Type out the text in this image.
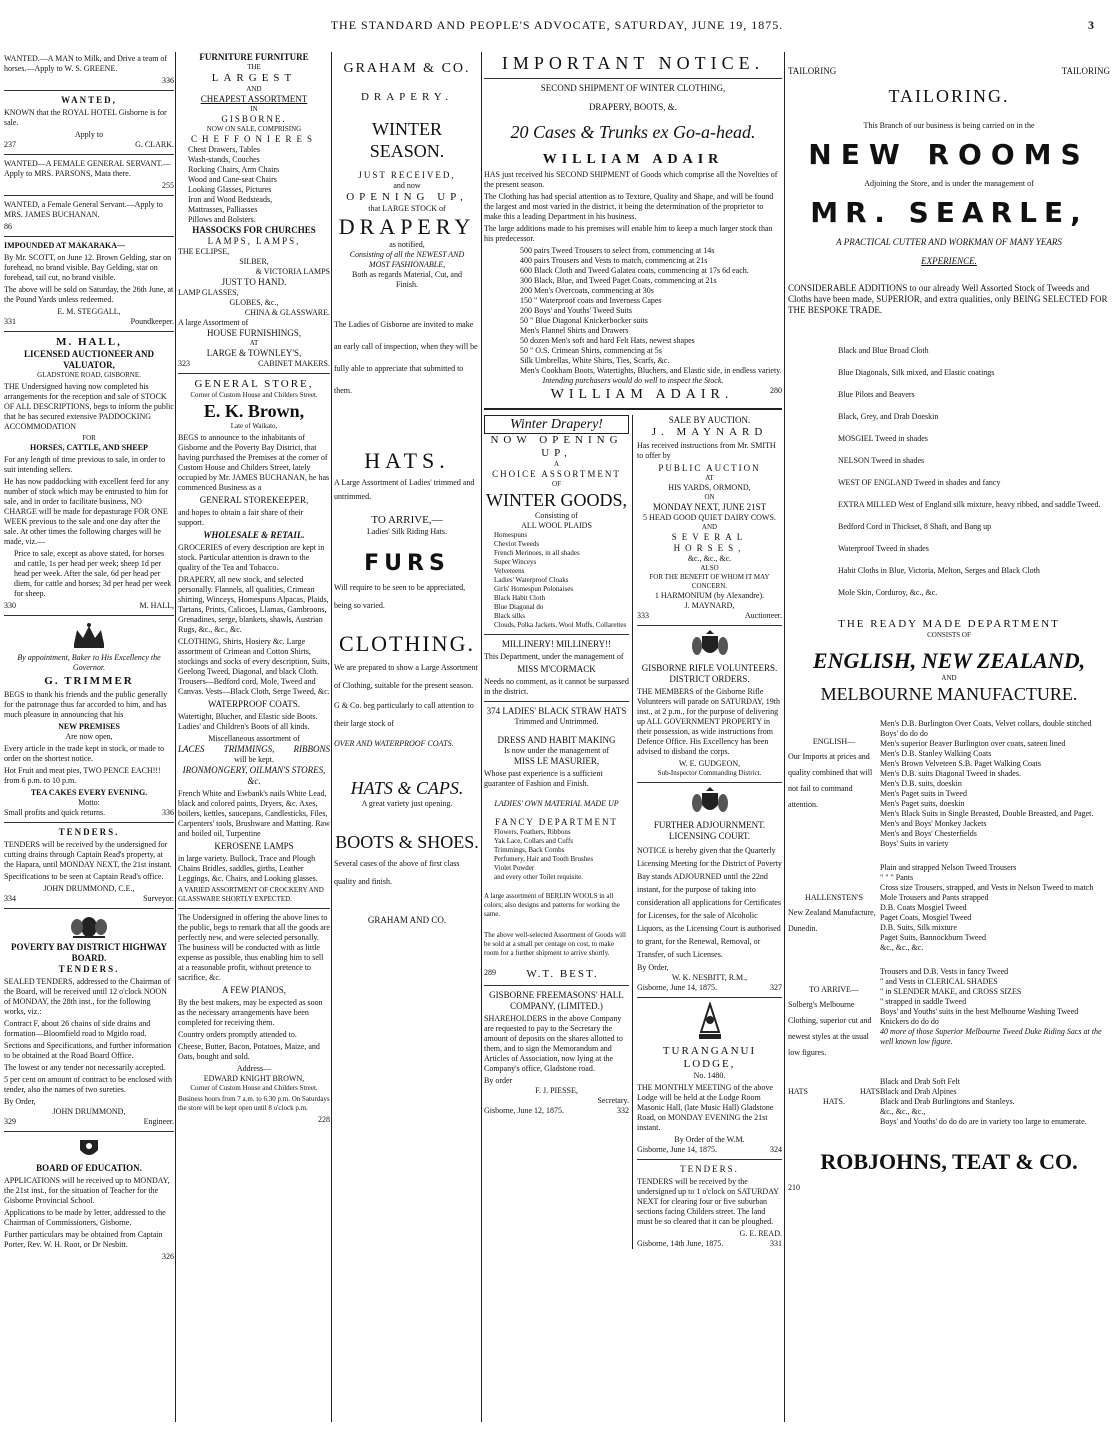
THE STANDARD AND PEOPLE'S ADVOCATE, SATURDAY, JUNE 19, 1875.	3

WANTED.—A MAN to Milk, and Drive a team of horses.—Apply to W. S. GREENE.

336
WANTED,

KNOWN that the ROYAL HOTEL Gisborne is for sale.

Apply to
237	G. CLARK.

WANTED—A FEMALE GENERAL SERVANT.—Apply to MRS. PARSONS, Mata there.

255

WANTED, a Female General Servant.—Apply to MRS. JAMES BUCHANAN.

86
IMPOUNDED AT MAKARAKA—

By Mr. SCOTT, on June 12. Brown Gelding, star on forehead, no brand visible. Bay Gelding, star on forehead, tail cut, no brand visible.

The above will be sold on Saturday, the 26th June, at the Pound Yards unless redeemed.

E. M. STEGGALL,
331	Poundkeeper.
M. HALL,
LICENSED AUCTIONEER AND VALUATOR,
GLADSTONE ROAD, GISBORNE.

THE Undersigned having now completed his arrangements for the reception and sale of STOCK OF ALL DESCRIPTIONS, begs to inform the public that he has secured extensive PADDOCKING ACCOMMODATION

FOR
HORSES, CATTLE, AND SHEEP

For any length of time previous to sale, in order to suit intending sellers.

He has now paddocking with excellent feed for any number of stock which may be entrusted to him for sale, and in order to facilitate business, NO CHARGE will be made for depasturage FOR ONE WEEK previous to the sale and one day after the sale. At other times the following charges will be made, viz.—

Price to sale, except as above stated, for horses and cattle, 1s per head per week; sheep 1d per head per week. After the sale, 6d per head per diem, for cattle and horses; 3d per head per week for sheep.

330	M. HALL,

By appointment, Baker to His Excellency the Governor.

G. TRIMMER

BEGS to thank his friends and the public generally for the patronage thus far accorded to him, and has much pleasure in announcing that his

NEW PREMISES
Are now open,

Every article in the trade kept in stock, or made to order on the shortest notice.

Hot Fruit and meat pies, TWO PENCE EACH!!! from 6 p.m. to 10 p.m.

TEA CAKES EVERY EVENING.
Motto:
Small profits and quick returns.	336
TENDERS.

TENDERS will be received by the undersigned for cutting drains through Captain Read's property, at the Hapara, until MONDAY NEXT, the 21st instant.

Specifications to be seen at Captain Read's office.

JOHN DRUMMOND, C.E.,
334	Surveyor.
POVERTY BAY DISTRICT HIGHWAY BOARD.
TENDERS.

SEALED TENDERS, addressed to the Chairman of the Board, will be received until 12 o'clock NOON of MONDAY, the 28th inst., for the following works, viz.:

Contract F, about 26 chains of side drains and formation—Bloomfield road to Mgitlo road.

Sections and Specifications, and further information to be obtained at the Road Board Office.

The lowest or any tender not necessarily accepted.

5 per cent on amount of contract to be enclosed with tender, also the names of two sureties.

By Order,
JOHN DRUMMOND,
329	Engineer.
BOARD OF EDUCATION.

APPLICATIONS will be received up to MONDAY, the 21st inst., for the situation of Teacher for the Gisborne Provincial School.

Applications to be made by letter, addressed to the Chairman of Commissioners, Gisborne.

Further particulars may be obtained from Captain Porter, Rev. W. H. Root, or Dr Nesbitt.

326
FURNITURE FURNITURE
THE
LARGEST
AND
CHEAPEST ASSORTMENT
IN
GISBORNE.
NOW ON SALE, COMPRISING
CHEFFONIERES
Chest Drawers, Tables
Wash-stands, Couches
Rocking Chairs, Arm Chairs
Wood and Cane-seat Chairs
Looking Glasses, Pictures
Iron and Wood Bedsteads,
Mattrasses, Palliasses
Pillows and Bolsters.
HASSOCKS FOR CHURCHES
LAMPS, LAMPS,
THE ECLIPSE,
SILBER,
& VICTORIA LAMPS
JUST TO HAND.
LAMP GLASSES,
GLOBES, &c.,
CHINA & GLASSWARE.
A large Assortment of
HOUSE FURNISHINGS,
AT
LARGE & TOWNLEY'S,
323	CABINET MAKERS.
GENERAL STORE,
Corner of Custom House and Childers Street.
E. K. Brown,
Late of Waikato,

BEGS to announce to the inhabitants of Gisborne and the Poverty Bay District, that having purchased the Premises at the corner of Custom House and Childers Street, lately occupied by Mr. JAMES BUCHANAN, he has commenced Business as a

GENERAL STOREKEEPER,

and hopes to obtain a fair share of their support.

WHOLESALE & RETAIL.

GROCERIES of every description are kept in stock. Particular attention is drawn to the quality of the Tea and Tobacco.

DRAPERY, all new stock, and selected personally. Flannels, all qualities, Crimean shirting, Winceys, Homespuns Alpacas, Plaids, Tartans, Prints, Calicoes, Llamas, Gambroons, Grenadines, serge, blankets, shawls, Austrian Rugs, &c., &c., &c.

CLOTHING, Shirts, Hosiery &c. Large assortment of Crimean and Cotton Shirts, stockings and socks of every description, Suits, Geelong Tweed, Diagonal, and black Cloth. Trousers—Bedford cord, Mole, Tweed and Canvas. Vests—Black Cloth, Serge Tweed, &c.

WATERPROOF COATS.

Watertight, Blucher, and Elastic side Boots. Ladies' and Children's Boots of all kinds.

Miscellaneous assortment of
LACES TRIMMINGS, RIBBONS
will be kept.
IRONMONGERY, OILMAN'S STORES, &c.

French White and Ewbank's nails White Lead, black and colored paints, Dryers, &c. Axes, boilers, kettles, saucepans, Candlesticks, Files, Carpenters' tools, Brushware and Matting. Raw and boiled oil, Turpentine

KEROSENE LAMPS

in large variety. Bullock, Trace and Plough Chains Bridles, saddles, girths, Leather Leggings, &c. Chairs, and Looking glasses.

A VARIED ASSORTMENT OF CROCKERY AND GLASSWARE SHORTLY EXPECTED.

The Undersigned in offering the above lines to the public, begs to remark that all the goods are perfectly new, and were selected personally. The business will be conducted with as little expense as possible, thus enabling him to sell at a reasonable profit, without pretence to sacrifice, &c.

A FEW PIANOS,

By the best makers, may be expected as soon as the necessary arrangements have been completed for receiving them.

Country orders promptly attended to.

Cheese, Butter, Bacon, Potatoes, Maize, and Oats, bought and sold.

Address—
EDWARD KNIGHT BROWN,
Corner of Custom House and Childers Street.

Business hours from 7 a.m. to 6.30 p.m. On Saturdays the store will be kept open until 8 o'clock p.m.

228
GRAHAM & CO.
DRAPERY.
WINTER SEASON.
JUST RECEIVED,
and now
OPENING UP,
that LARGE STOCK of
DRAPERY
as notified,
Consisting of all the NEWEST AND
MOST FASHIONABLE,
Both as regards Material, Cut, and
Finish.

The Ladies of Gisborne are invited to make an early call of inspection, when they will be fully able to appreciate that submitted to them.

HATS.

A Large Assortment of Ladies' trimmed and untrimmed.

TO ARRIVE,—
Ladies' Silk Riding Hats.
FURS

Will require to be seen to be appreciated, being so varied.

CLOTHING.

We are prepared to show a Large Assortment of Clothing, suitable for the present season.

G & Co. beg particularly to call attention to their large stock of

OVER AND WATERPROOF COATS.

HATS & CAPS.
A great variety just opening.
BOOTS & SHOES.

Several cases of the above of first class quality and finish.

GRAHAM AND CO.
IMPORTANT NOTICE.
SECOND SHIPMENT OF WINTER CLOTHING,
DRAPERY, BOOTS, &.
20 Cases & Trunks ex Go-a-head.
WILLIAM ADAIR

HAS just received his SECOND SHIPMENT of Goods which comprise all the Novelties of the present season.

The Clothing has had special attention as to Texture, Quality and Shape, and will be found the largest and most varied in the district, it being the determination of the proprietor to make this a leading Department in his business.

The large additions made to his premises will enable him to keep a much larger stock than his predecessor.

500 pairs Tweed Trousers to select from, commencing at 14s
400 pairs Trousers and Vests to match, commencing at 21s
600 Black Cloth and Tweed Galatea coats, commencing at 17s 6d each.
300 Black, Blue, and Tweed Paget Coats, commencing at 21s
200 Men's Overcoats, commencing at 30s
150 " Waterproof coats and Inverness Capes
200 Boys' and Youths' Tweed Suits
50 " Blue Diagonal Knickerbocker suits
Men's Flannel Shirts and Drawers
50 dozen Men's soft and hard Felt Hats, newest shapes
50 " O.S. Crimean Shirts, commencing at 5s
Silk Umbrellas, White Shirts, Ties, Scarfs, &c.
Men's Cookham Boots, Watertights, Bluchers, and Elastic side, in endless variety.
Intending purchasers would do well to inspect the Stock.
WILLIAM ADAIR.	280
Winter Drapery!
NOW OPENING UP,
A
CHOICE ASSORTMENT
OF
WINTER GOODS,
Consisting of
ALL WOOL PLAIDS
Homespuns
Cheviot Tweeds
French Merinoes, in all shades
Super Winceys
Velveteens
Ladies' Waterproof Cloaks
Girls' Homespun Polonaises
Black Habit Cloth
Blue Diagonal do
Black silks
Clouds, Polka Jackets, Wool Muffs, Collarettes
MILLINERY! MILLINERY!!

This Department, under the management of

MISS M'CORMACK

Needs no comment, as it cannot be surpassed in the district.

374 LADIES' BLACK STRAW HATS
Trimmed and Untrimmed.
DRESS AND HABIT MAKING
Is now under the management of
MISS LE MASURIER,

Whose past experience is a sufficient guarantee of Fashion and Finish.

LADIES' OWN MATERIAL MADE UP
FANCY DEPARTMENT
Flowers, Feathers, Ribbons
Yak Lace, Collars and Cuffs
Trimmings, Back Combs
Perfumery, Hair and Tooth Brushes
Violet Powder
and every other Toilet requisite.

A large assortment of BERLIN WOOLS in all colors; also designs and patterns for working the same.

The above well-selected Assortment of Goods will be sold at a small per centage on cost, to make room for a further shipment to arrive shortly.

289	W.T. BEST.
GISBORNE FREEMASONS' HALL COMPANY, (LIMITED.)

SHAREHOLDERS in the above Company are requested to pay to the Secretary the amount of deposits on the shares allotted to them, and to sign the Memorandum and Articles of Association, now lying at the Company's office, Gladstone road.

By order
F. J. PIESSE,
Secretary.
Gisborne, June 12, 1875.	332
SALE BY AUCTION.
J. MAYNARD

Has received instructions from Mr. SMITH to offer by

PUBLIC AUCTION
AT
HIS YARDS, ORMOND,
ON
MONDAY NEXT, JUNE 21ST
5 HEAD GOOD QUIET DAIRY COWS.
AND
SEVERAL HORSES,
&c., &c., &c.
ALSO
FOR THE BENEFIT OF WHOM IT MAY CONCERN.
1 HARMONIUM (by Alexandre).
J. MAYNARD,
333	Auctioneer.
GISBORNE RIFLE VOLUNTEERS.
DISTRICT ORDERS.

THE MEMBERS of the Gisborne Rifle Volunteers will parade on SATURDAY, 19th inst., at 2 p.m., for the purpose of delivering up ALL GOVERNMENT PROPERTY in their possession, as wide instructions from Defence Office. His Excellency has been advised to disband the corps.

W. E. GUDGEON,
Sub-Inspector Commanding District.
FURTHER ADJOURNMENT.
LICENSING COURT.

NOTICE is hereby given that the Quarterly Licensing Meeting for the District of Poverty Bay stands ADJOURNED until the 22nd instant, for the purpose of taking into consideration all applications for Certificates for Licenses, for the sale of Alcoholic Liquors, as the Licensing Court is authorised to grant, for the Renewal, Removal, or Transfer, of such Licenses.

By Order,
W. K. NESBITT, R.M.,
Gisborne, June 14, 1875.	327
TURANGANUI LODGE,
No. 1480.

THE MONTHLY MEETING of the above Lodge will be held at the Lodge Room Masonic Hall, (late Music Hall) Gladstone Road, on MONDAY EVENING the 21st instant.

By Order of the W.M.
Gisborne, June 14, 1875.	324
TENDERS.

TENDERS will be received by the undersigned up to 1 o'clock on SATURDAY NEXT for clearing four or five suburban sections facing Childers street. The land must be so cleared that it can be ploughed.

G. E. READ.
Gisborne, 14th June, 1875.	331
TAILORING	TAILORING
TAILORING.
This Branch of our business is being carried on in the
NEW ROOMS
Adjoining the Store, and is under the management of
MR. SEARLE,
A PRACTICAL CUTTER AND WORKMAN OF MANY YEARS
EXPERIENCE.

CONSIDERABLE ADDITIONS to our already Well Assorted Stock of Tweeds and Cloths have been made, SUPERIOR, and extra qualities, only BEING SELECTED FOR THE BESPOKE TRADE.

Black and Blue Broad Cloth
Blue Diagonals, Silk mixed, and Elastic coatings
Blue Pilots and Beavers
Black, Grey, and Drab Doeskin
MOSGIEL Tweed in shades
NELSON Tweed in shades
WEST OF ENGLAND Tweed in shades and fancy
EXTRA MILLED West of England silk mixture, heavy ribbed, and saddle Tweed.
Bedford Cord in Thickset, 8 Shaft, and Bang up
Waterproof Tweed in shades
Habit Cloths in Blue, Victoria, Melton, Serges and Black Cloth
Mole Skin, Corduroy, &c., &c.
THE READY MADE DEPARTMENT
CONSISTS OF
ENGLISH, NEW ZEALAND,
AND
MELBOURNE MANUFACTURE.
ENGLISH—

Our Imports at prices and quality combined that will not fail to command attention.

Men's D.B. Burlington Over Coats, Velvet collars, double stitched
Boys' do do do
Men's superior Beaver Burlington over coats, sateen lined
Men's D.B. Stanley Walking Coats
Men's Brown Velveteen S.B. Paget Walking Coats
Men's D.B. suits Diagonal Tweed in shades.
Men's D.B. suits, doeskin
Men's Paget suits in Tweed
Men's Paget suits, doeskin
Men's Black Suits in Single Breasted, Double Breasted, and Paget.
Men's and Boys' Monkey Jackets
Men's and Boys' Chesterfields
Boys' Suits in variety
HALLENSTEN'S

New Zealand Manufacture, Dunedin.

Plain and strapped Nelson Tweed Trousers
" " " Pants
Cross size Trousers, strapped, and Vests in Nelson Tweed to match
Mole Trousers and Pants strapped
D.B. Coats Mosgiel Tweed
Paget Coats, Mosgiel Tweed
D.B. Suits, Silk mixture
Paget Suits, Bannockburn Tweed
&c., &c., &c.
TO ARRIVE—

Solberg's Melbourne Clothing, superior cut and newest styles at the usual low figures.

Trousers and D.B. Vests in fancy Tweed
" and Vests in CLERICAL SHADES
" in SLENDER MAKE, and CROSS SIZES
" strapped in saddle Tweed
Boys' and Youths' suits in the best Melbourne Washing Tweed
Knickers do do do
40 more of those Superior Melbourne Tweed Duke Riding Sacs at the well known low figure.
HATS	HATS
HATS.
Black and Drab Soft Felt
Black and Drab Alpines
Black and Drab Burlingtons and Stanleys.
&c., &c., &c.,
Boys' and Youths' do do do are in variety too large to enumerate.
ROBJOHNS, TEAT & CO.
210
